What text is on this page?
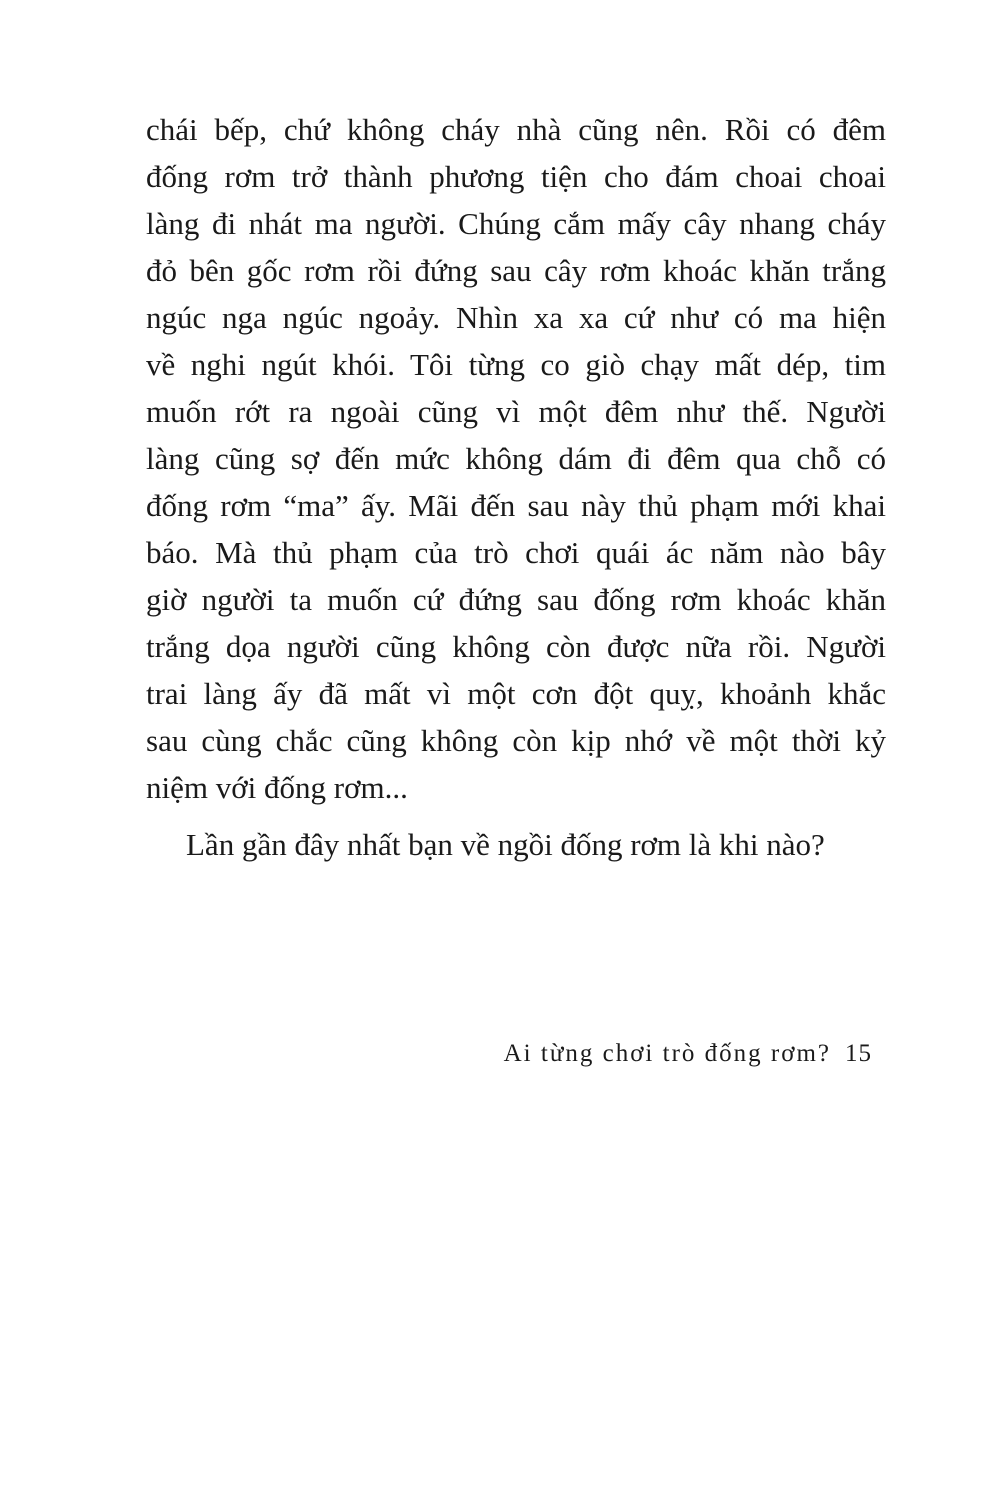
chái bếp, chứ không cháy nhà cũng nên. Rồi có đêm
đống rơm trở thành phương tiện cho đám choai choai
làng đi nhát ma người. Chúng cắm mấy cây nhang cháy
đỏ bên gốc rơm rồi đứng sau cây rơm khoác khăn trắng
ngúc nga ngúc ngoảy. Nhìn xa xa cứ như có ma hiện
về nghi ngút khói. Tôi từng co giò chạy mất dép, tim
muốn rớt ra ngoài cũng vì một đêm như thế. Người
làng cũng sợ đến mức không dám đi đêm qua chỗ có
đống rơm “ma” ấy. Mãi đến sau này thủ phạm mới khai
báo. Mà thủ phạm của trò chơi quái ác năm nào bây
giờ người ta muốn cứ đứng sau đống rơm khoác khăn
trắng dọa người cũng không còn được nữa rồi. Người
trai làng ấy đã mất vì một cơn đột quỵ, khoảnh khắc
sau cùng chắc cũng không còn kịp nhớ về một thời kỷ
niệm với đống rơm...
Lần gần đây nhất bạn về ngồi đống rơm là khi nào?
Ai từng chơi trò đống rơm? 15
